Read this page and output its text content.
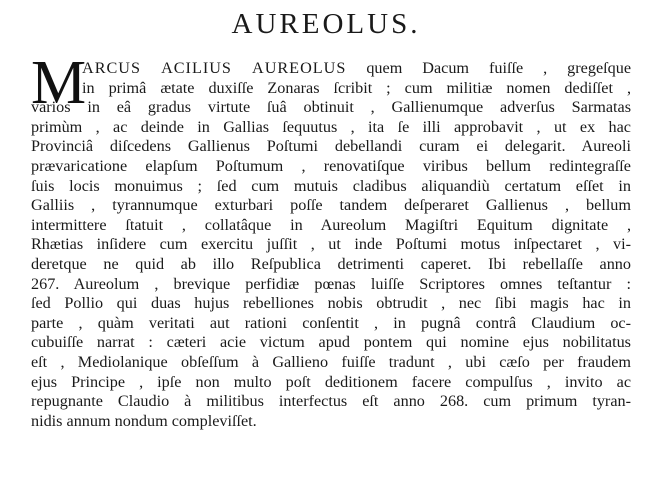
AUREOLUS.
M
ARCUS ACILIUS AUREOLUS quem Dacum fuiſſe , gregeſque
in primâ ætate duxiſſe Zonaras ſcribit ; cum militiæ nomen dediſſet ,
varios in eâ gradus virtute ſuâ obtinuit , Gallienumque adverſus Sarmatas
primùm , ac deinde in Gallias ſequutus , ita ſe illi approbavit , ut ex hac
Provinciâ diſcedens Gallienus Poſtumi debellandi curam ei delegarit. Aureoli
prævaricatione elapſum Poſtumum , renovatiſque viribus bellum redintegraſſe
ſuis locis monuimus ; ſed cum mutuis cladibus aliquandiù certatum eſſet in
Galliis , tyrannumque exturbari poſſe tandem deſperaret Gallienus , bellum
intermittere ſtatuit , collatâque in Aureolum Magiſtri Equitum dignitate ,
Rhætias inſidere cum exercitu juſſit , ut inde Poſtumi motus inſpectaret , vi-
deretque ne quid ab illo Reſpublica detrimenti caperet. Ibi rebellaſſe anno
267. Aureolum , brevique perfidiæ pœnas luiſſe Scriptores omnes teſtantur :
ſed Pollio qui duas hujus rebelliones nobis obtrudit , nec ſibi magis hac in
parte , quàm veritati aut rationi conſentit , in pugnâ contrâ Claudium oc-
cubuiſſe narrat : cæteri acie victum apud pontem qui nomine ejus nobilitatus
eſt , Mediolanique obſeſſum à Gallieno fuiſſe tradunt , ubi cæſo per fraudem
ejus Principe , ipſe non multo poſt deditionem facere compulſus , invito ac
repugnante Claudio à militibus interfectus eſt anno 268. cum primum tyran-
nidis annum nondum compleviſſet.
